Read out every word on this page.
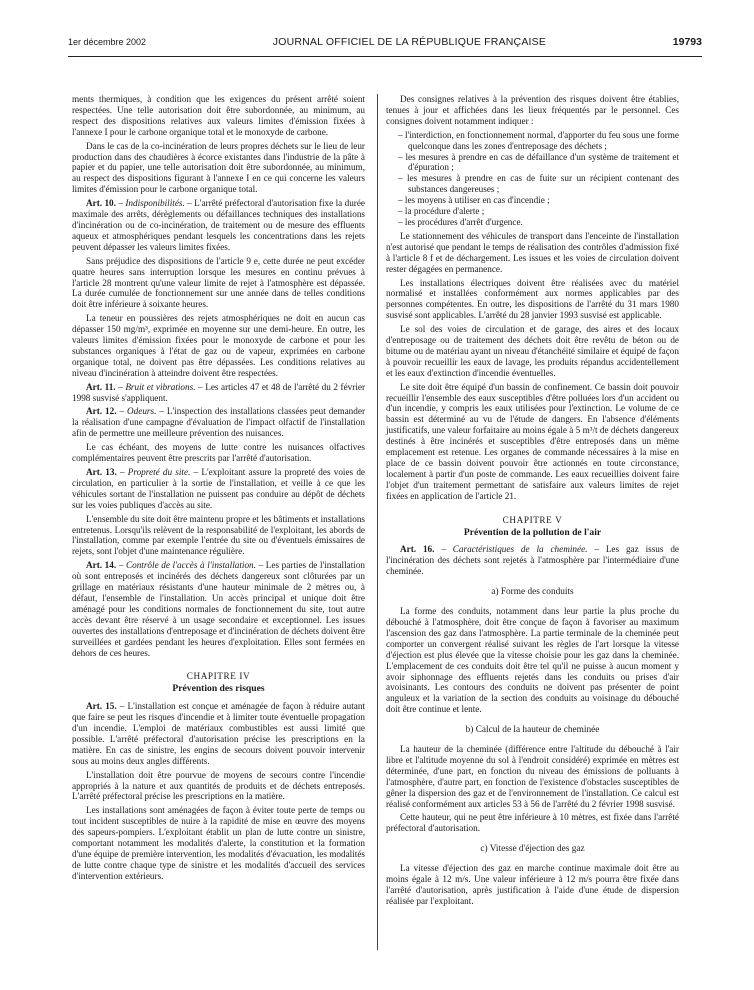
1er décembre 2002	JOURNAL OFFICIEL DE LA RÉPUBLIQUE FRANÇAISE	19793

ments thermiques, à condition que les exigences du présent arrêté soient respectées. Une telle autorisation doit être subordonnée, au minimum, au respect des dispositions relatives aux valeurs limites d'émission fixées à l'annexe I pour le carbone organique total et le monoxyde de carbone.

Dans le cas de la co-incinération de leurs propres déchets sur le lieu de leur production dans des chaudières à écorce existantes dans l'industrie de la pâte à papier et du papier, une telle autorisation doit être subordonnée, au minimum, au respect des dispositions figurant à l'annexe I en ce qui concerne les valeurs limites d'émission pour le carbone organique total.

Art. 10. – Indisponibilités. – L'arrêté préfectoral d'autorisation fixe la durée maximale des arrêts, dérèglements ou défaillances techniques des installations d'incinération ou de co-incinération, de traitement ou de mesure des effluents aqueux et atmosphériques pendant lesquels les concentrations dans les rejets peuvent dépasser les valeurs limites fixées.

Sans préjudice des dispositions de l'article 9 e, cette durée ne peut excéder quatre heures sans interruption lorsque les mesures en continu prévues à l'article 28 montrent qu'une valeur limite de rejet à l'atmosphère est dépassée. La durée cumulée de fonctionnement sur une année dans de telles conditions doit être inférieure à soixante heures.

La teneur en poussières des rejets atmosphériques ne doit en aucun cas dépasser 150 mg/m³, exprimée en moyenne sur une demi-heure. En outre, les valeurs limites d'émission fixées pour le monoxyde de carbone et pour les substances organiques à l'état de gaz ou de vapeur, exprimées en carbone organique total, ne doivent pas être dépassées. Les conditions relatives au niveau d'incinération à atteindre doivent être respectées.

Art. 11. – Bruit et vibrations. – Les articles 47 et 48 de l'arrêté du 2 février 1998 susvisé s'appliquent.

Art. 12. – Odeurs. – L'inspection des installations classées peut demander la réalisation d'une campagne d'évaluation de l'impact olfactif de l'installation afin de permettre une meilleure prévention des nuisances.

Le cas échéant, des moyens de lutte contre les nuisances olfactives complémentaires peuvent être prescrits par l'arrêté d'autorisation.

Art. 13. – Propreté du site. – L'exploitant assure la propreté des voies de circulation, en particulier à la sortie de l'installation, et veille à ce que les véhicules sortant de l'installation ne puissent pas conduire au dépôt de déchets sur les voies publiques d'accès au site.

L'ensemble du site doit être maintenu propre et les bâtiments et installations entretenus. Lorsqu'ils relèvent de la responsabilité de l'exploitant, les abords de l'installation, comme par exemple l'entrée du site ou d'éventuels émissaires de rejets, sont l'objet d'une maintenance régulière.

Art. 14. – Contrôle de l'accès à l'installation. – Les parties de l'installation où sont entreposés et incinérés des déchets dangereux sont clôturées par un grillage en matériaux résistants d'une hauteur minimale de 2 mètres ou, à défaut, l'ensemble de l'installation. Un accès principal et unique doit être aménagé pour les conditions normales de fonctionnement du site, tout autre accès devant être réservé à un usage secondaire et exceptionnel. Les issues ouvertes des installations d'entreposage et d'incinération de déchets doivent être surveillées et gardées pendant les heures d'exploitation. Elles sont fermées en dehors de ces heures.

CHAPITRE IV
Prévention des risques

Art. 15. – L'installation est conçue et aménagée de façon à réduire autant que faire se peut les risques d'incendie et à limiter toute éventuelle propagation d'un incendie. L'emploi de matériaux combustibles est aussi limité que possible. L'arrêté préfectoral d'autorisation précise les prescriptions en la matière. En cas de sinistre, les engins de secours doivent pouvoir intervenir sous au moins deux angles différents.

L'installation doit être pourvue de moyens de secours contre l'incendie appropriés à la nature et aux quantités de produits et de déchets entreposés. L'arrêté préfectoral précise les prescriptions en la matière.

Les installations sont aménagées de façon à éviter toute perte de temps ou tout incident susceptibles de nuire à la rapidité de mise en œuvre des moyens des sapeurs-pompiers. L'exploitant établit un plan de lutte contre un sinistre, comportant notamment les modalités d'alerte, la constitution et la formation d'une équipe de première intervention, les modalités d'évacuation, les modalités de lutte contre chaque type de sinistre et les modalités d'accueil des services d'intervention extérieurs.

Des consignes relatives à la prévention des risques doivent être établies, tenues à jour et affichées dans les lieux fréquentés par le personnel. Ces consignes doivent notamment indiquer :

– l'interdiction, en fonctionnement normal, d'apporter du feu sous une forme quelconque dans les zones d'entreposage des déchets ;
– les mesures à prendre en cas de défaillance d'un système de traitement et d'épuration ;
– les mesures à prendre en cas de fuite sur un récipient contenant des substances dangereuses ;
– les moyens à utiliser en cas d'incendie ;
– la procédure d'alerte ;
– les procédures d'arrêt d'urgence.

Le stationnement des véhicules de transport dans l'enceinte de l'installation n'est autorisé que pendant le temps de réalisation des contrôles d'admission fixé à l'article 8 f et de déchargement. Les issues et les voies de circulation doivent rester dégagées en permanence.

Les installations électriques doivent être réalisées avec du matériel normalisé et installées conformément aux normes applicables par des personnes compétentes. En outre, les dispositions de l'arrêté du 31 mars 1980 susvisé sont applicables. L'arrêté du 28 janvier 1993 susvisé est applicable.

Le sol des voies de circulation et de garage, des aires et des locaux d'entreposage ou de traitement des déchets doit être revêtu de béton ou de bitume ou de matériau ayant un niveau d'étanchéité similaire et équipé de façon à pouvoir recueillir les eaux de lavage, les produits répandus accidentellement et les eaux d'extinction d'incendie éventuelles.

Le site doit être équipé d'un bassin de confinement. Ce bassin doit pouvoir recueillir l'ensemble des eaux susceptibles d'être polluées lors d'un accident ou d'un incendie, y compris les eaux utilisées pour l'extinction. Le volume de ce bassin est déterminé au vu de l'étude de dangers. En l'absence d'éléments justificatifs, une valeur forfaitaire au moins égale à 5 m³/t de déchets dangereux destinés à être incinérés et susceptibles d'être entreposés dans un même emplacement est retenue. Les organes de commande nécessaires à la mise en place de ce bassin doivent pouvoir être actionnés en toute circonstance, localement à partir d'un poste de commande. Les eaux recueillies doivent faire l'objet d'un traitement permettant de satisfaire aux valeurs limites de rejet fixées en application de l'article 21.

CHAPITRE V
Prévention de la pollution de l'air

Art. 16. – Caractéristiques de la cheminée. – Les gaz issus de l'incinération des déchets sont rejetés à l'atmosphère par l'intermédiaire d'une cheminée.

a) Forme des conduits

La forme des conduits, notamment dans leur partie la plus proche du débouché à l'atmosphère, doit être conçue de façon à favoriser au maximum l'ascension des gaz dans l'atmosphère. La partie terminale de la cheminée peut comporter un convergent réalisé suivant les règles de l'art lorsque la vitesse d'éjection est plus élevée que la vitesse choisie pour les gaz dans la cheminée. L'emplacement de ces conduits doit être tel qu'il ne puisse à aucun moment y avoir siphonnage des effluents rejetés dans les conduits ou prises d'air avoisinants. Les contours des conduits ne doivent pas présenter de point anguleux et la variation de la section des conduits au voisinage du débouché doit être continue et lente.

b) Calcul de la hauteur de cheminée

La hauteur de la cheminée (différence entre l'altitude du débouché à l'air libre et l'altitude moyenne du sol à l'endroit considéré) exprimée en mètres est déterminée, d'une part, en fonction du niveau des émissions de polluants à l'atmosphère, d'autre part, en fonction de l'existence d'obstacles susceptibles de gêner la dispersion des gaz et de l'environnement de l'installation. Ce calcul est réalisé conformément aux articles 53 à 56 de l'arrêté du 2 février 1998 susvisé.

Cette hauteur, qui ne peut être inférieure à 10 mètres, est fixée dans l'arrêté préfectoral d'autorisation.

c) Vitesse d'éjection des gaz

La vitesse d'éjection des gaz en marche continue maximale doit être au moins égale à 12 m/s. Une valeur inférieure à 12 m/s pourra être fixée dans l'arrêté d'autorisation, après justification à l'aide d'une étude de dispersion réalisée par l'exploitant.
